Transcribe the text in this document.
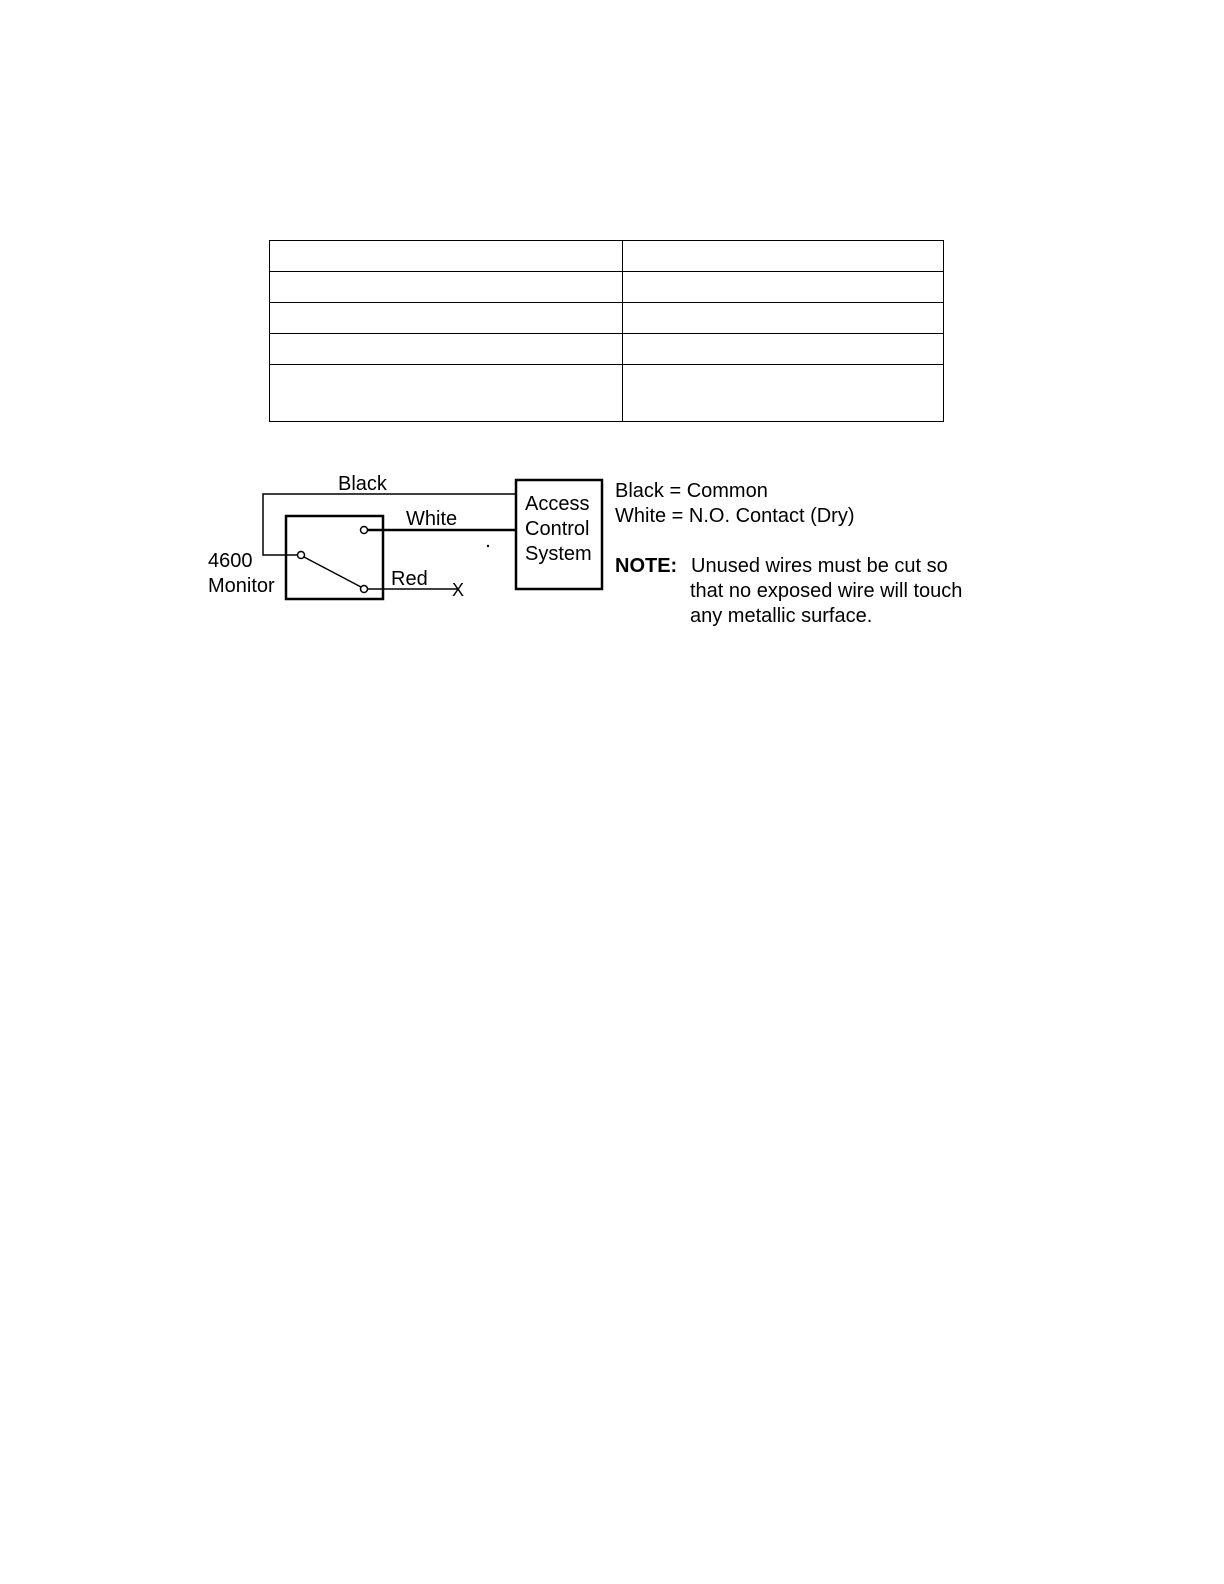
Black
White
Red X
4600
Monitor
Access
Control
System
Black = Common
White = N.O. Contact (Dry)
NOTE: Unused wires must be cut so
that no exposed wire will touch
any metallic surface.
